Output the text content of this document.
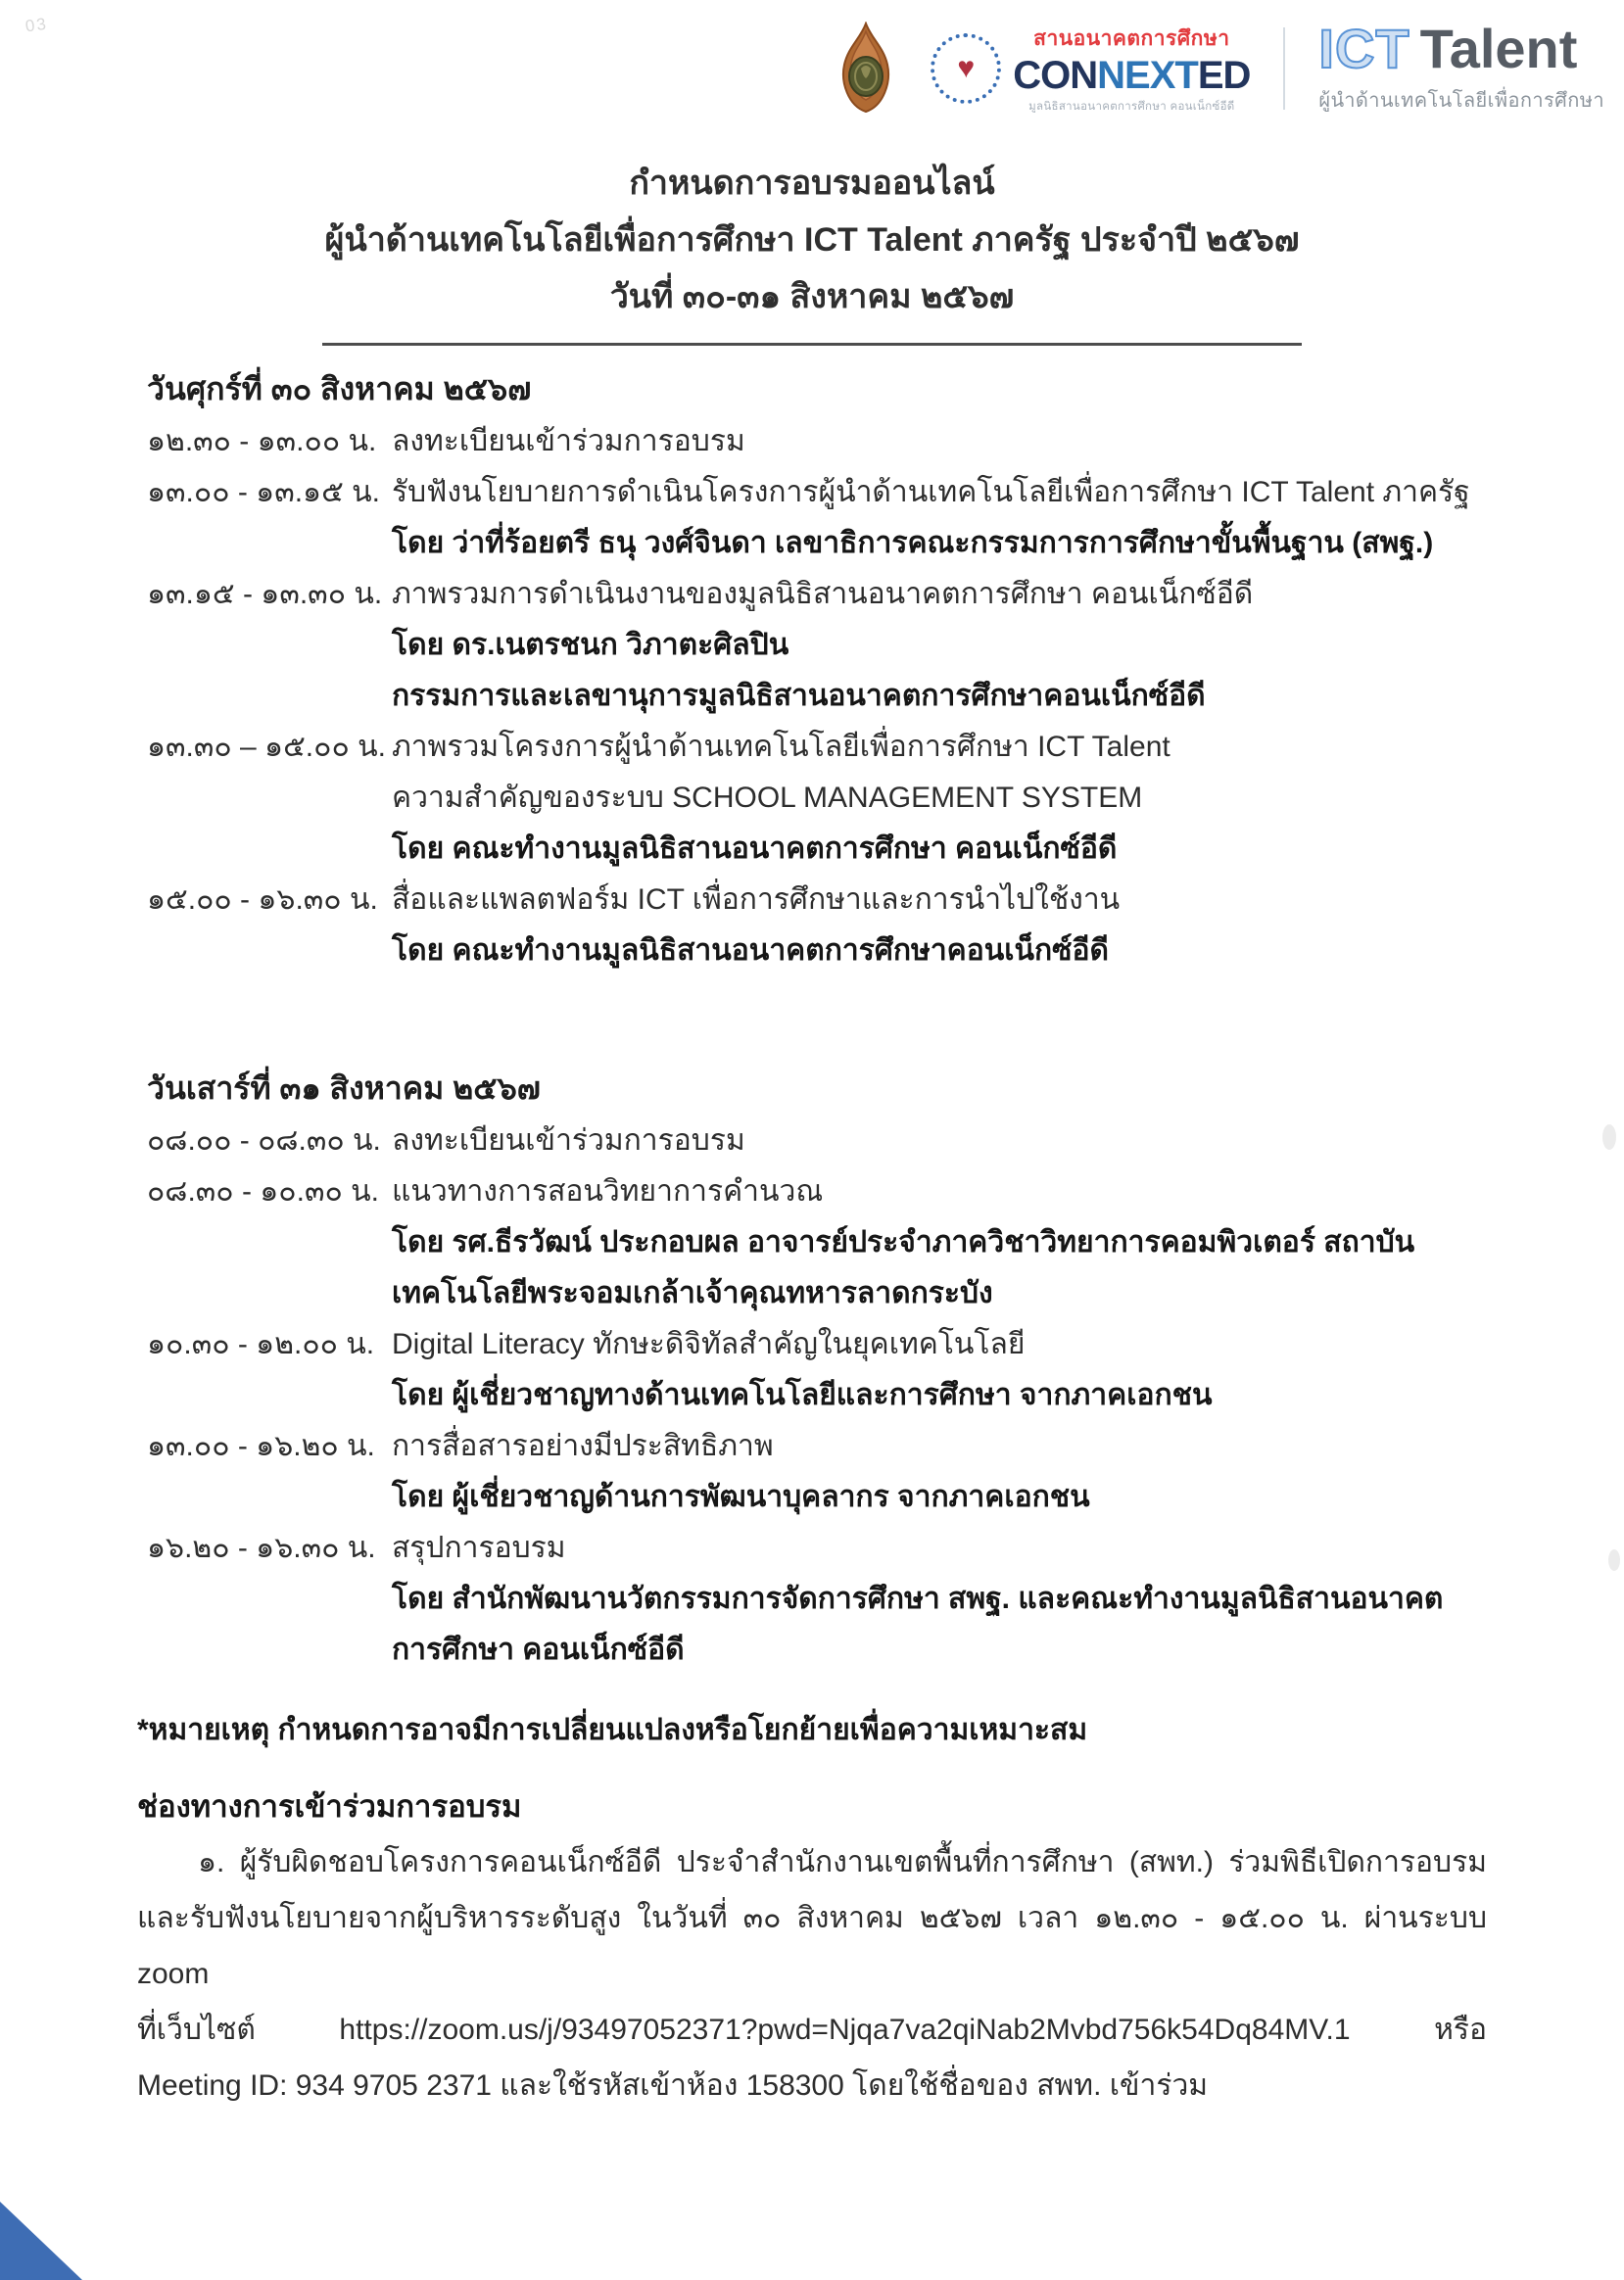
03
♥
สานอนาคตการศึกษา
CONNEXTED
มูลนิธิสานอนาคตการศึกษา คอนเน็กซ์อีดี
ICT Talent
ผู้นำด้านเทคโนโลยีเพื่อการศึกษา
กำหนดการอบรมออนไลน์
ผู้นำด้านเทคโนโลยีเพื่อการศึกษา ICT Talent ภาครัฐ ประจำปี ๒๕๖๗
วันที่ ๓๐-๓๑ สิงหาคม ๒๕๖๗
วันศุกร์ที่ ๓๐ สิงหาคม ๒๕๖๗
๑๒.๓๐ - ๑๓.๐๐ น. ลงทะเบียนเข้าร่วมการอบรม
๑๓.๐๐ - ๑๓.๑๕ น. รับฟังนโยบายการดำเนินโครงการผู้นำด้านเทคโนโลยีเพื่อการศึกษา ICT Talent ภาครัฐ
โดย ว่าที่ร้อยตรี ธนุ วงศ์จินดา เลขาธิการคณะกรรมการการศึกษาขั้นพื้นฐาน (สพฐ.)
๑๓.๑๕ - ๑๓.๓๐ น. ภาพรวมการดำเนินงานของมูลนิธิสานอนาคตการศึกษา คอนเน็กซ์อีดี
โดย ดร.เนตรชนก วิภาตะศิลปิน
กรรมการและเลขานุการมูลนิธิสานอนาคตการศึกษาคอนเน็กซ์อีดี
๑๓.๓๐ – ๑๕.๐๐ น. ภาพรวมโครงการผู้นำด้านเทคโนโลยีเพื่อการศึกษา ICT Talent
ความสำคัญของระบบ SCHOOL MANAGEMENT SYSTEM
โดย คณะทำงานมูลนิธิสานอนาคตการศึกษา คอนเน็กซ์อีดี
๑๕.๐๐ - ๑๖.๓๐ น. สื่อและแพลตฟอร์ม ICT เพื่อการศึกษาและการนำไปใช้งาน
โดย คณะทำงานมูลนิธิสานอนาคตการศึกษาคอนเน็กซ์อีดี
วันเสาร์ที่ ๓๑ สิงหาคม ๒๕๖๗
๐๘.๐๐ - ๐๘.๓๐ น. ลงทะเบียนเข้าร่วมการอบรม
๐๘.๓๐ - ๑๐.๓๐ น. แนวทางการสอนวิทยาการคำนวณ
โดย รศ.ธีรวัฒน์ ประกอบผล อาจารย์ประจำภาควิชาวิทยาการคอมพิวเตอร์ สถาบัน
เทคโนโลยีพระจอมเกล้าเจ้าคุณทหารลาดกระบัง
๑๐.๓๐ - ๑๒.๐๐ น. Digital Literacy ทักษะดิจิทัลสำคัญในยุคเทคโนโลยี
โดย ผู้เชี่ยวชาญทางด้านเทคโนโลยีและการศึกษา จากภาคเอกชน
๑๓.๐๐ - ๑๖.๒๐ น. การสื่อสารอย่างมีประสิทธิภาพ
โดย ผู้เชี่ยวชาญด้านการพัฒนาบุคลากร จากภาคเอกชน
๑๖.๒๐ - ๑๖.๓๐ น. สรุปการอบรม
โดย สำนักพัฒนานวัตกรรมการจัดการศึกษา สพฐ. และคณะทำงานมูลนิธิสานอนาคต
การศึกษา คอนเน็กซ์อีดี
*หมายเหตุ กำหนดการอาจมีการเปลี่ยนแปลงหรือโยกย้ายเพื่อความเหมาะสม
ช่องทางการเข้าร่วมการอบรม
๑. ผู้รับผิดชอบโครงการคอนเน็กซ์อีดี ประจำสำนักงานเขตพื้นที่การศึกษา (สพท.) ร่วมพิธีเปิดการอบรม
และรับฟังนโยบายจากผู้บริหารระดับสูง ในวันที่ ๓๐ สิงหาคม ๒๕๖๗ เวลา ๑๒.๓๐ - ๑๕.๐๐ น. ผ่านระบบ zoom
ที่เว็บไซต์ https://zoom.us/j/93497052371?pwd=Njqa7va2qiNab2Mvbd756k54Dq84MV.1 หรือ
Meeting ID: 934 9705 2371 และใช้รหัสเข้าห้อง 158300 โดยใช้ชื่อของ สพท. เข้าร่วม
